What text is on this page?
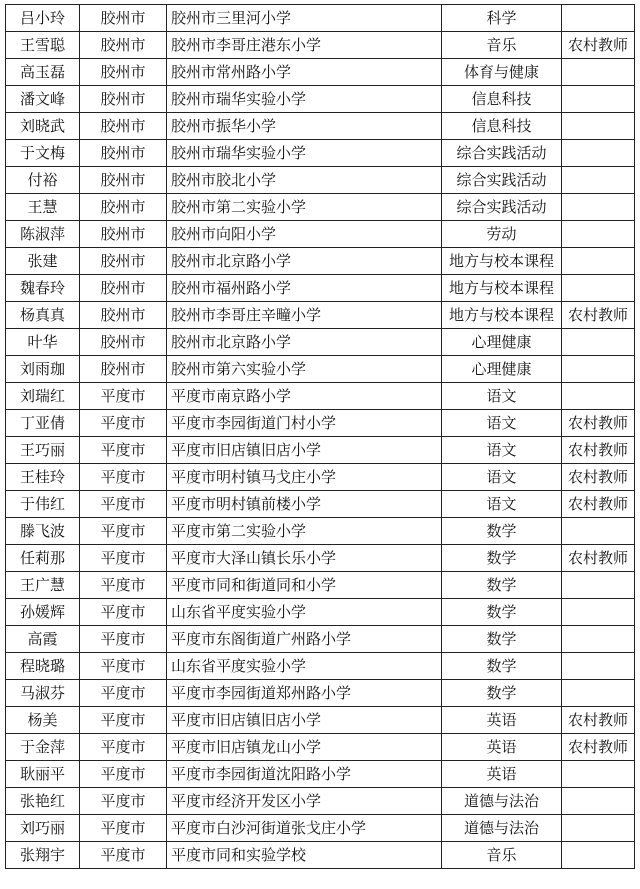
吕小玲	胶州市	胶州市三里河小学	科学	
王雪聪	胶州市	胶州市李哥庄港东小学	音乐	农村教师
高玉磊	胶州市	胶州市常州路小学	体育与健康	
潘文峰	胶州市	胶州市瑞华实验小学	信息科技	
刘晓武	胶州市	胶州市振华小学	信息科技	
于文梅	胶州市	胶州市瑞华实验小学	综合实践活动	
付裕	胶州市	胶州市胶北小学	综合实践活动	
王慧	胶州市	胶州市第二实验小学	综合实践活动	
陈淑萍	胶州市	胶州市向阳小学	劳动	
张建	胶州市	胶州市北京路小学	地方与校本课程	
魏春玲	胶州市	胶州市福州路小学	地方与校本课程	
杨真真	胶州市	胶州市李哥庄辛疃小学	地方与校本课程	农村教师
叶华	胶州市	胶州市北京路小学	心理健康	
刘雨珈	胶州市	胶州市第六实验小学	心理健康	
刘瑞红	平度市	平度市南京路小学	语文	
丁亚倩	平度市	平度市李园街道门村小学	语文	农村教师
王巧丽	平度市	平度市旧店镇旧店小学	语文	农村教师
王桂玲	平度市	平度市明村镇马戈庄小学	语文	农村教师
于伟红	平度市	平度市明村镇前楼小学	语文	农村教师
滕飞波	平度市	平度市第二实验小学	数学	
任莉那	平度市	平度市大泽山镇长乐小学	数学	农村教师
王广慧	平度市	平度市同和街道同和小学	数学	
孙媛辉	平度市	山东省平度实验小学	数学	
高霞	平度市	平度市东阁街道广州路小学	数学	
程晓璐	平度市	山东省平度实验小学	数学	
马淑芬	平度市	平度市李园街道郑州路小学	数学	
杨美	平度市	平度市旧店镇旧店小学	英语	农村教师
于金萍	平度市	平度市旧店镇龙山小学	英语	农村教师
耿丽平	平度市	平度市李园街道沈阳路小学	英语	
张艳红	平度市	平度市经济开发区小学	道德与法治	
刘巧丽	平度市	平度市白沙河街道张戈庄小学	道德与法治	
张翔宇	平度市	平度市同和实验学校	音乐	
